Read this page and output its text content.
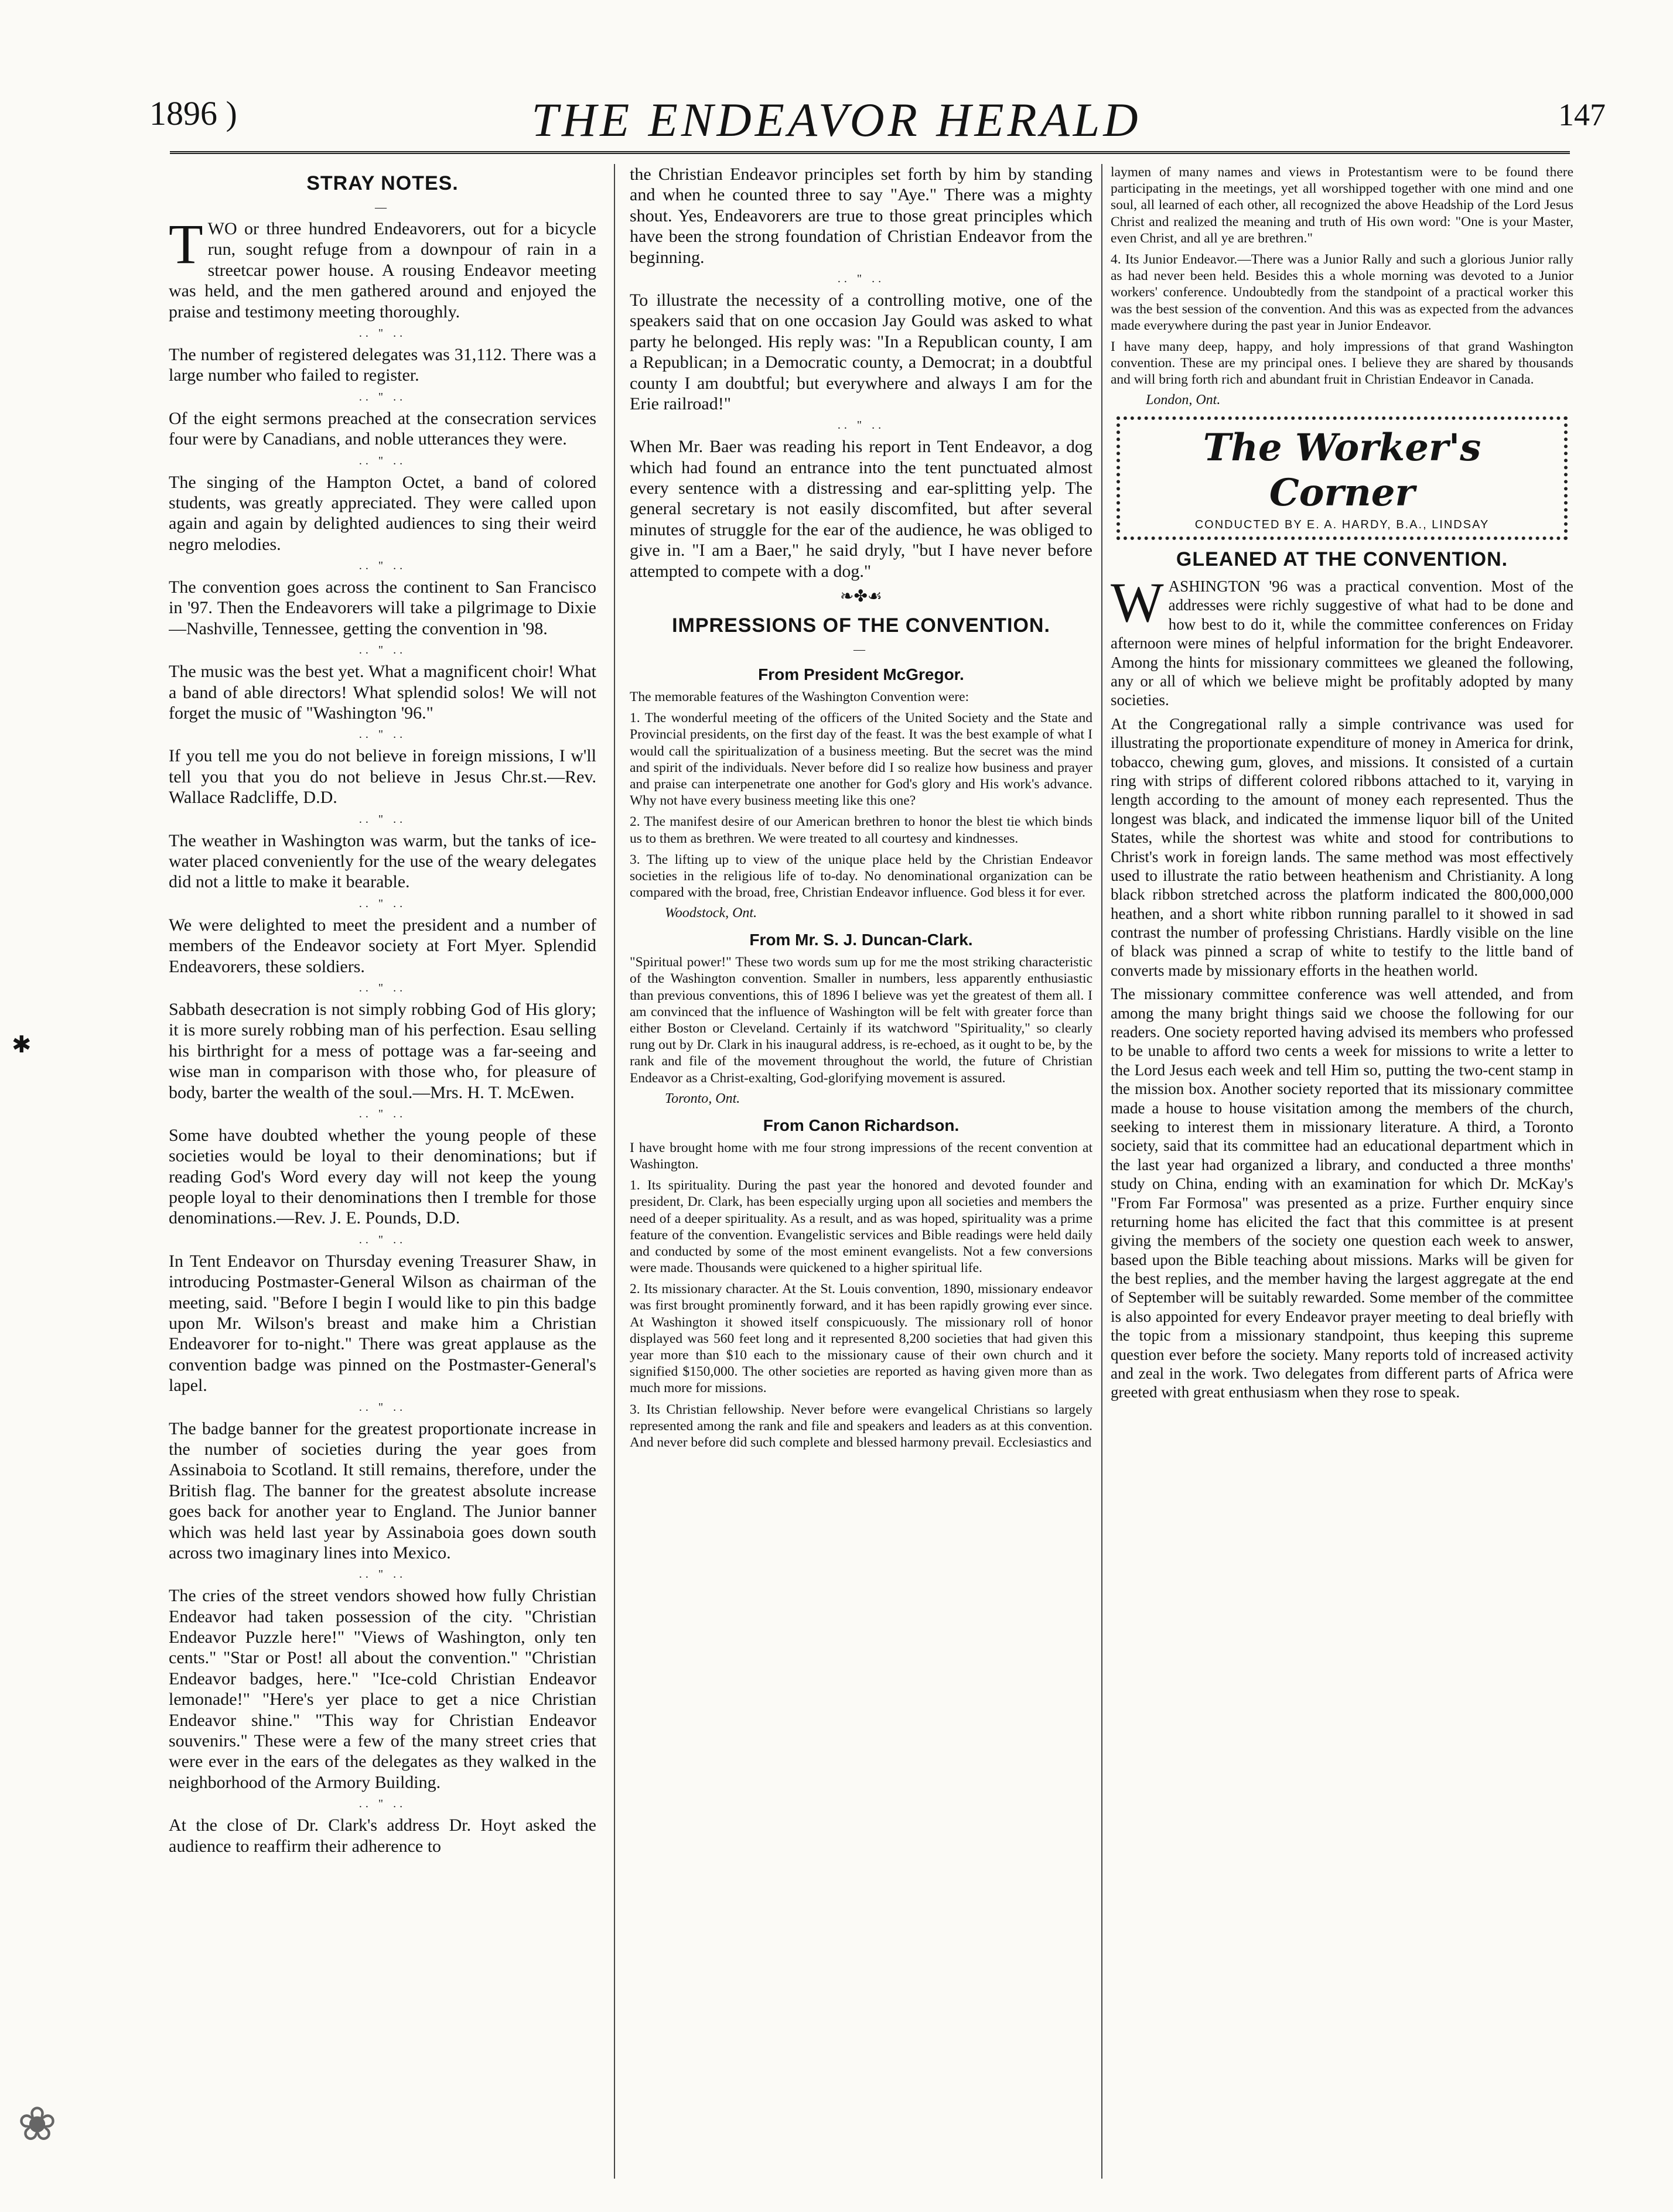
1896 )	THE ENDEAVOR HERALD	147
STRAY NOTES.
—

TWO or three hundred Endeavorers, out for a bicycle run, sought refuge from a downpour of rain in a streetcar power house. A rousing Endeavor meeting was held, and the men gathered around and enjoyed the praise and testimony meeting thoroughly.

.. " ..

The number of registered delegates was 31,112. There was a large number who failed to register.

.. " ..

Of the eight sermons preached at the consecration services four were by Canadians, and noble utterances they were.

.. " ..

The singing of the Hampton Octet, a band of colored students, was greatly appreciated. They were called upon again and again by delighted audiences to sing their weird negro melodies.

.. " ..

The convention goes across the continent to San Francisco in '97. Then the Endeavorers will take a pilgrimage to Dixie—Nashville, Tennessee, getting the convention in '98.

.. " ..

The music was the best yet. What a magnificent choir! What a band of able directors! What splendid solos! We will not forget the music of "Washington '96."

.. " ..

If you tell me you do not believe in foreign missions, I w'll tell you that you do not believe in Jesus Chr.st.—Rev. Wallace Radcliffe, D.D.

.. " ..

The weather in Washington was warm, but the tanks of ice-water placed conveniently for the use of the weary delegates did not a little to make it bearable.

.. " ..

We were delighted to meet the president and a number of members of the Endeavor society at Fort Myer. Splendid Endeavorers, these soldiers.

.. " ..

Sabbath desecration is not simply robbing God of His glory; it is more surely robbing man of his perfection. Esau selling his birthright for a mess of pottage was a far-seeing and wise man in comparison with those who, for pleasure of body, barter the wealth of the soul.—Mrs. H. T. McEwen.

.. " ..

Some have doubted whether the young people of these societies would be loyal to their denominations; but if reading God's Word every day will not keep the young people loyal to their denominations then I tremble for those denominations.—Rev. J. E. Pounds, D.D.

.. " ..

In Tent Endeavor on Thursday evening Treasurer Shaw, in introducing Postmaster-General Wilson as chairman of the meeting, said. "Before I begin I would like to pin this badge upon Mr. Wilson's breast and make him a Christian Endeavorer for to-night." There was great applause as the convention badge was pinned on the Postmaster-General's lapel.

.. " ..

The badge banner for the greatest proportionate increase in the number of societies during the year goes from Assinaboia to Scotland. It still remains, therefore, under the British flag. The banner for the greatest absolute increase goes back for another year to England. The Junior banner which was held last year by Assinaboia goes down south across two imaginary lines into Mexico.

.. " ..

The cries of the street vendors showed how fully Christian Endeavor had taken possession of the city. "Christian Endeavor Puzzle here!" "Views of Washington, only ten cents." "Star or Post! all about the convention." "Christian Endeavor badges, here." "Ice-cold Christian Endeavor lemonade!" "Here's yer place to get a nice Christian Endeavor shine." "This way for Christian Endeavor souvenirs." These were a few of the many street cries that were ever in the ears of the delegates as they walked in the neighborhood of the Armory Building.

.. " ..

At the close of Dr. Clark's address Dr. Hoyt asked the audience to reaffirm their adherence to

the Christian Endeavor principles set forth by him by standing and when he counted three to say "Aye." There was a mighty shout. Yes, Endeavorers are true to those great principles which have been the strong foundation of Christian Endeavor from the beginning.

.. " ..

To illustrate the necessity of a controlling motive, one of the speakers said that on one occasion Jay Gould was asked to what party he belonged. His reply was: "In a Republican county, I am a Republican; in a Democratic county, a Democrat; in a doubtful county I am doubtful; but everywhere and always I am for the Erie railroad!"

.. " ..

When Mr. Baer was reading his report in Tent Endeavor, a dog which had found an entrance into the tent punctuated almost every sentence with a distressing and ear-splitting yelp. The general secretary is not easily discomfited, but after several minutes of struggle for the ear of the audience, he was obliged to give in. "I am a Baer," he said dryly, "but I have never before attempted to compete with a dog."

❧✤☙
IMPRESSIONS OF THE CONVENTION.
—
From President McGregor.

The memorable features of the Washington Convention were:

1. The wonderful meeting of the officers of the United Society and the State and Provincial presidents, on the first day of the feast. It was the best example of what I would call the spiritualization of a business meeting. But the secret was the mind and spirit of the individuals. Never before did I so realize how business and prayer and praise can interpenetrate one another for God's glory and His work's advance. Why not have every business meeting like this one?

2. The manifest desire of our American brethren to honor the blest tie which binds us to them as brethren. We were treated to all courtesy and kindnesses.

3. The lifting up to view of the unique place held by the Christian Endeavor societies in the religious life of to-day. No denominational organization can be compared with the broad, free, Christian Endeavor influence. God bless it for ever.

Woodstock, Ont.
From Mr. S. J. Duncan-Clark.

"Spiritual power!" These two words sum up for me the most striking characteristic of the Washington convention. Smaller in numbers, less apparently enthusiastic than previous conventions, this of 1896 I believe was yet the greatest of them all. I am convinced that the influence of Washington will be felt with greater force than either Boston or Cleveland. Certainly if its watchword "Spirituality," so clearly rung out by Dr. Clark in his inaugural address, is re-echoed, as it ought to be, by the rank and file of the movement throughout the world, the future of Christian Endeavor as a Christ-exalting, God-glorifying movement is assured.

Toronto, Ont.
From Canon Richardson.

I have brought home with me four strong impressions of the recent convention at Washington.

1. Its spirituality. During the past year the honored and devoted founder and president, Dr. Clark, has been especially urging upon all societies and members the need of a deeper spirituality. As a result, and as was hoped, spirituality was a prime feature of the convention. Evangelistic services and Bible readings were held daily and conducted by some of the most eminent evangelists. Not a few conversions were made. Thousands were quickened to a higher spiritual life.

2. Its missionary character. At the St. Louis convention, 1890, missionary endeavor was first brought prominently forward, and it has been rapidly growing ever since. At Washington it showed itself conspicuously. The missionary roll of honor displayed was 560 feet long and it represented 8,200 societies that had given this year more than $10 each to the missionary cause of their own church and it signified $150,000. The other societies are reported as having given more than as much more for missions.

3. Its Christian fellowship. Never before were evangelical Christians so largely represented among the rank and file and speakers and leaders as at this convention. And never before did such complete and blessed harmony prevail. Ecclesiastics and

laymen of many names and views in Protestantism were to be found there participating in the meetings, yet all worshipped together with one mind and one soul, all learned of each other, all recognized the above Headship of the Lord Jesus Christ and realized the meaning and truth of His own word: "One is your Master, even Christ, and all ye are brethren."

4. Its Junior Endeavor.—There was a Junior Rally and such a glorious Junior rally as had never been held. Besides this a whole morning was devoted to a Junior workers' conference. Undoubtedly from the standpoint of a practical worker this was the best session of the convention. And this was as expected from the advances made everywhere during the past year in Junior Endeavor.

I have many deep, happy, and holy impressions of that grand Washington convention. These are my principal ones. I believe they are shared by thousands and will bring forth rich and abundant fruit in Christian Endeavor in Canada.

London, Ont.
The Worker's Corner
CONDUCTED BY E. A. HARDY, B.A., LINDSAY
GLEANED AT THE CONVENTION.

WASHINGTON '96 was a practical convention. Most of the addresses were richly suggestive of what had to be done and how best to do it, while the committee conferences on Friday afternoon were mines of helpful information for the bright Endeavorer. Among the hints for missionary committees we gleaned the following, any or all of which we believe might be profitably adopted by many societies.

At the Congregational rally a simple contrivance was used for illustrating the proportionate expenditure of money in America for drink, tobacco, chewing gum, gloves, and missions. It consisted of a curtain ring with strips of different colored ribbons attached to it, varying in length according to the amount of money each represented. Thus the longest was black, and indicated the immense liquor bill of the United States, while the shortest was white and stood for contributions to Christ's work in foreign lands. The same method was most effectively used to illustrate the ratio between heathenism and Christianity. A long black ribbon stretched across the platform indicated the 800,000,000 heathen, and a short white ribbon running parallel to it showed in sad contrast the number of professing Christians. Hardly visible on the line of black was pinned a scrap of white to testify to the little band of converts made by missionary efforts in the heathen world.

The missionary committee conference was well attended, and from among the many bright things said we choose the following for our readers. One society reported having advised its members who professed to be unable to afford two cents a week for missions to write a letter to the Lord Jesus each week and tell Him so, putting the two-cent stamp in the mission box. Another society reported that its missionary committee made a house to house visitation among the members of the church, seeking to interest them in missionary literature. A third, a Toronto society, said that its committee had an educational department which in the last year had organized a library, and conducted a three months' study on China, ending with an examination for which Dr. McKay's "From Far Formosa" was presented as a prize. Further enquiry since returning home has elicited the fact that this committee is at present giving the members of the society one question each week to answer, based upon the Bible teaching about missions. Marks will be given for the best replies, and the member having the largest aggregate at the end of September will be suitably rewarded. Some member of the committee is also appointed for every Endeavor prayer meeting to deal briefly with the topic from a missionary standpoint, thus keeping this supreme question ever before the society. Many reports told of increased activity and zeal in the work. Two delegates from different parts of Africa were greeted with great enthusiasm when they rose to speak.

✱
❀
